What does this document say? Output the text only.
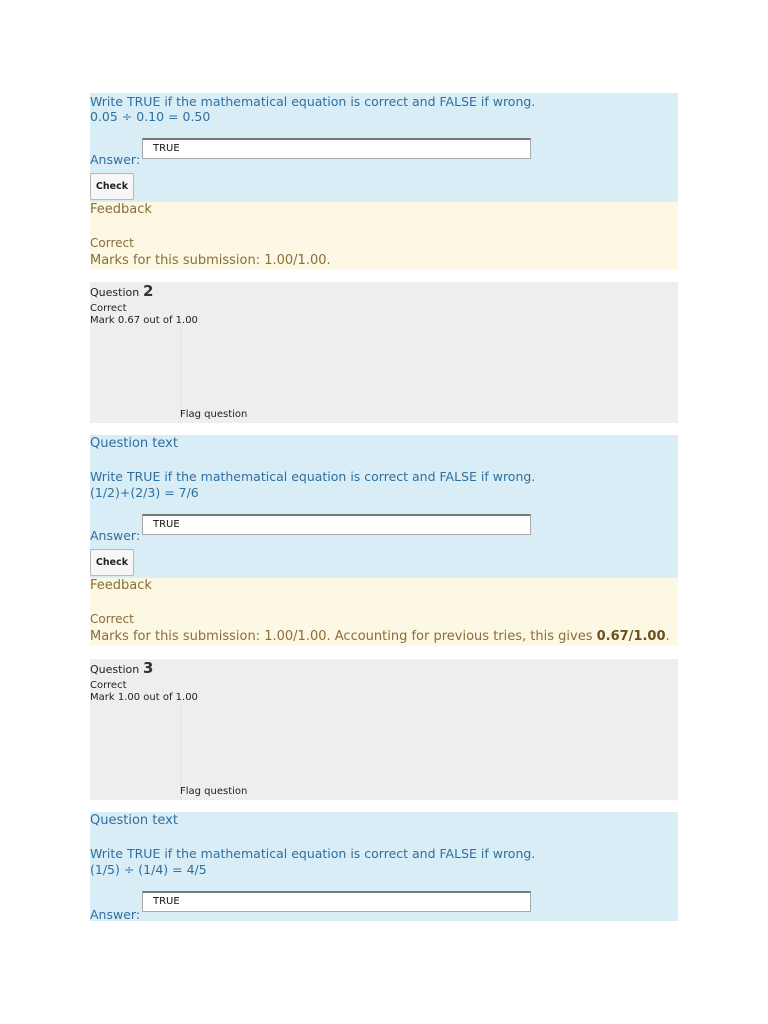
Write TRUE if the mathematical equation is correct and FALSE if wrong.
0.05 ÷ 0.10 = 0.50
Answer:
TRUE
Check
Feedback
Correct
Marks for this submission: 1.00/1.00.
Question 2
Correct
Mark 0.67 out of 1.00
Flag question
Question text
Write TRUE if the mathematical equation is correct and FALSE if wrong.
(1/2)+(2/3) = 7/6
Answer:
TRUE
Check
Feedback
Correct
Marks for this submission: 1.00/1.00. Accounting for previous tries, this gives 0.67/1.00.
Question 3
Correct
Mark 1.00 out of 1.00
Flag question
Question text
Write TRUE if the mathematical equation is correct and FALSE if wrong.
(1/5) ÷ (1/4) = 4/5
Answer:
TRUE
